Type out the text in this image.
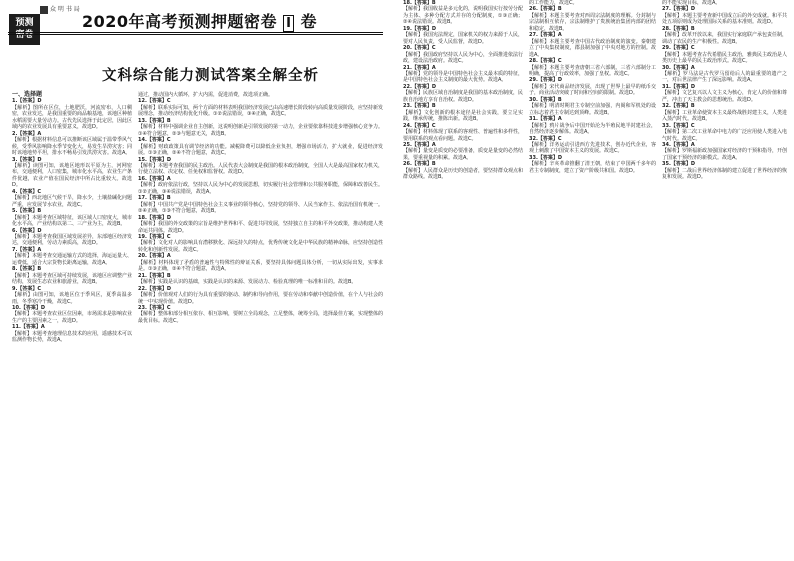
众 明 书 局
预测
密卷
2020年高考预测押题密卷 Ⅰ 卷
文科综合能力测试答案全解全析
一、选择题

1.【答案】D

【解析】图所在区位，土地肥沃，河流密布，人口稠密，农业发达，是我国重要的商品粮基地，该地区种植水稻需要大量劳动力。古代先民选择于此定居，因此区域内的农业发展具有重要意义，故选D。

2.【答案】A

【解析】根据材料信息可以推断该区域属于温带季风气候，受季风影响降水季节变化大，易发生旱涝灾害；同时该地地势平坦，排水不畅易引发洪涝灾害。故选A。

3.【答案】D

【解析】读图可知，该地区地形以平原为主，河网密布，交通便利，人口密集，城市化水平高，农业生产条件优越，农业产值在国民经济中所占比重较大。故选D。

4.【答案】C

【解析】西北地区气候干旱，降水少，土壤盐碱化问题严重，应发展节水农业，故选C。

5.【答案】B

【解析】本题考查区域特征，该区域人口密度大，城市化水平高，产业结构以第二、三产业为主，故选B。

6.【答案】D

【解析】本题考查我国区域发展差异，东部地区经济发达，交通便利，劳动力素质高，故选D。

7.【答案】A

【解析】本题考查交通运输方式的选择，海运运量大、运费低，适合大宗货物长距离运输，故选A。

8.【答案】B

【解析】本题考查区域可持续发展，该地区应调整产业结构，发展生态农业和旅游业，故选B。

9.【答案】C

【解析】由图可知，该地区位于季风区，夏季高温多雨，冬季寒冷干燥，故选C。

10.【答案】D

【解析】本题考查农业区位因素，市场需求是影响农业生产的主要因素之一，故选D。

11.【答案】A

【解析】本题考查地理信息技术的应用，遥感技术可以监测作物长势，故选A。

通过，推动国内大循环，扩大内需，促进消费，故选项正确。

12.【答案】C

【解析】联系实际可知，两个方面的材料表明我国经济发展已由高速增长阶段转向高质量发展阶段，应坚持新发展理念，推动经济结构优化升级。①②说法错误，③④正确，故选C。

13.【答案】B

【解析】材料中强调企业自主创新，这说明创新是引领发展的第一动力，企业要依靠科技进步增强核心竞争力。①④符合题意，②③与题意无关，故选B。

14.【答案】C

【解析】财政政策具有调节经济的功能。减税降费可以降低企业负担，增强市场活力，扩大就业，促进经济发展。①③正确，②④不符合题意，故选C。

15.【答案】D

【解析】本题考查我国的民主政治。人民代表大会制度是我国的根本政治制度，全国人大是最高国家权力机关，行使立法权、决定权、任免权和监督权。故选D。

16.【答案】A

【解析】政府依法行政，坚持以人民为中心的发展思想，切实履行社会管理和公共服务职能，保障和改善民生。①②正确，③④说法错误，故选A。

17.【答案】B

【解析】中国共产党是中国特色社会主义事业的领导核心，坚持党的领导、人民当家作主、依法治国有机统一。②④正确，①③不符合题意，故选B。

18.【答案】D

【解析】我国的外交政策的宗旨是维护世界和平、促进共同发展，坚持独立自主的和平外交政策，推动构建人类命运共同体。故选D。

19.【答案】C

【解析】文化对人的影响具有潜移默化、深远持久的特点，优秀传统文化是中华民族的精神命脉，应坚持创造性转化和创新性发展。故选C。

20.【答案】A

【解析】材料体现了矛盾的普遍性与特殊性的辩证关系，要坚持具体问题具体分析，一切从实际出发，实事求是。①③正确，②④不符合题意，故选A。

21.【答案】B

【解析】实践是认识的基础，实践是认识的来源、发展动力、检验真理的唯一标准和目的。故选B。

22.【答案】D

【解析】价值观对人们的行为具有重要的驱动、制约和导向作用，要在劳动和奉献中创造价值，在个人与社会的统一中实现价值。故选D。

23.【答案】C

【解析】整体和部分相互依存、相互影响，要树立全局观念，立足整体，统筹全局，选择最佳方案，实现整体的最优目标。故选C。

18.【答案】B

【解析】我国收益是多元化的，说明我国实行按劳分配为主体、多种分配方式并存的分配制度，①③正确；②④说法错误。故选B。

19.【答案】D

【解析】我国宪法规定，国家机关的权力来源于人民，要对人民负责，受人民监督，故选D。

20.【答案】C

【解析】我国政府坚持以人民为中心，全面推进依法行政，建设法治政府。故选C。

21.【答案】A

【解析】党的领导是中国特色社会主义最本质的特征，是中国特色社会主义制度的最大优势。故选A。

22.【答案】D

【解析】民族区域自治制度是我国的基本政治制度，民族自治地方享有自治权。故选D。

23.【答案】B

【解析】文化创新的根本途径是社会实践，要立足实践，继承传统，推陈出新。故选B。

24.【答案】C

【解析】材料体现了联系的客观性、普遍性和多样性，要用联系的观点看问题。故选C。

25.【答案】A

【解析】量变是质变的必要准备，质变是量变的必然结果，要重视量的积累。故选A。

26.【答案】B

【解析】人民群众是历史的创造者，要坚持群众观点和群众路线。故选B。

的工作能力，故选C。

26.【答案】B

【解析】本题主要考查对西周宗法制度的理解。分封制与宗法制相互依存，宗法制维护了贵族统治集团内部的团结和稳定，故选B。

27.【答案】A

【解析】本题主要考查中国古代政治制度的演变。秦朝建立了中央集权制度，郡县制加强了中央对地方的控制。故选A。

28.【答案】C

【解析】本题主要考查唐朝三省六部制。三省六部制分工明确，提高了行政效率，加强了皇权。故选C。

29.【答案】D

【解析】宋代商品经济发展，出现了世界上最早的纸币交子，商业活动突破了时间和空间的限制。故选D。

30.【答案】B

【解析】明清时期君主专制空前加强，内阁和军机处的设立标志着君主专制达到顶峰。故选B。

31.【答案】A

【解析】鸦片战争后中国开始沦为半殖民地半封建社会，自然经济逐步解体。故选A。

32.【答案】C

【解析】洋务运动引进西方先进技术，创办近代企业，客观上刺激了中国资本主义的发展。故选C。

33.【答案】D

【解析】辛亥革命推翻了清王朝，结束了中国两千多年的君主专制制度，建立了资产阶级共和国。故选D。

的不能实现目标，故选A。

27.【答案】D

【解析】本题主要考查新中国成立后的外交成就。和平共处五项原则成为处理国际关系的基本准则。故选D。

28.【答案】B

【解析】改革开放以来，我国实行家庭联产承包责任制，调动了农民的生产积极性。故选B。

29.【答案】C

【解析】本题考查古代希腊民主政治，雅典民主政治是人类历史上最早的民主政治形式。故选C。

30.【答案】A

【解析】罗马法是古代罗马留给后人的最重要的遗产之一，对后世法律产生了深远影响。故选A。

31.【答案】D

【解析】文艺复兴以人文主义为核心，肯定人的价值和尊严，冲击了天主教会的思想统治。故选D。

32.【答案】B

【解析】工业革命使资本主义最终战胜封建主义，人类进入蒸汽时代。故选B。

33.【答案】C

【解析】第二次工业革命中电力的广泛应用使人类进入电气时代。故选C。

34.【答案】A

【解析】罗斯福新政加强国家对经济的干预和指导，开创了国家干预经济的新模式。故选A。

35.【答案】D

【解析】二战后世界经济体制的建立促进了世界经济的恢复和发展。故选D。
